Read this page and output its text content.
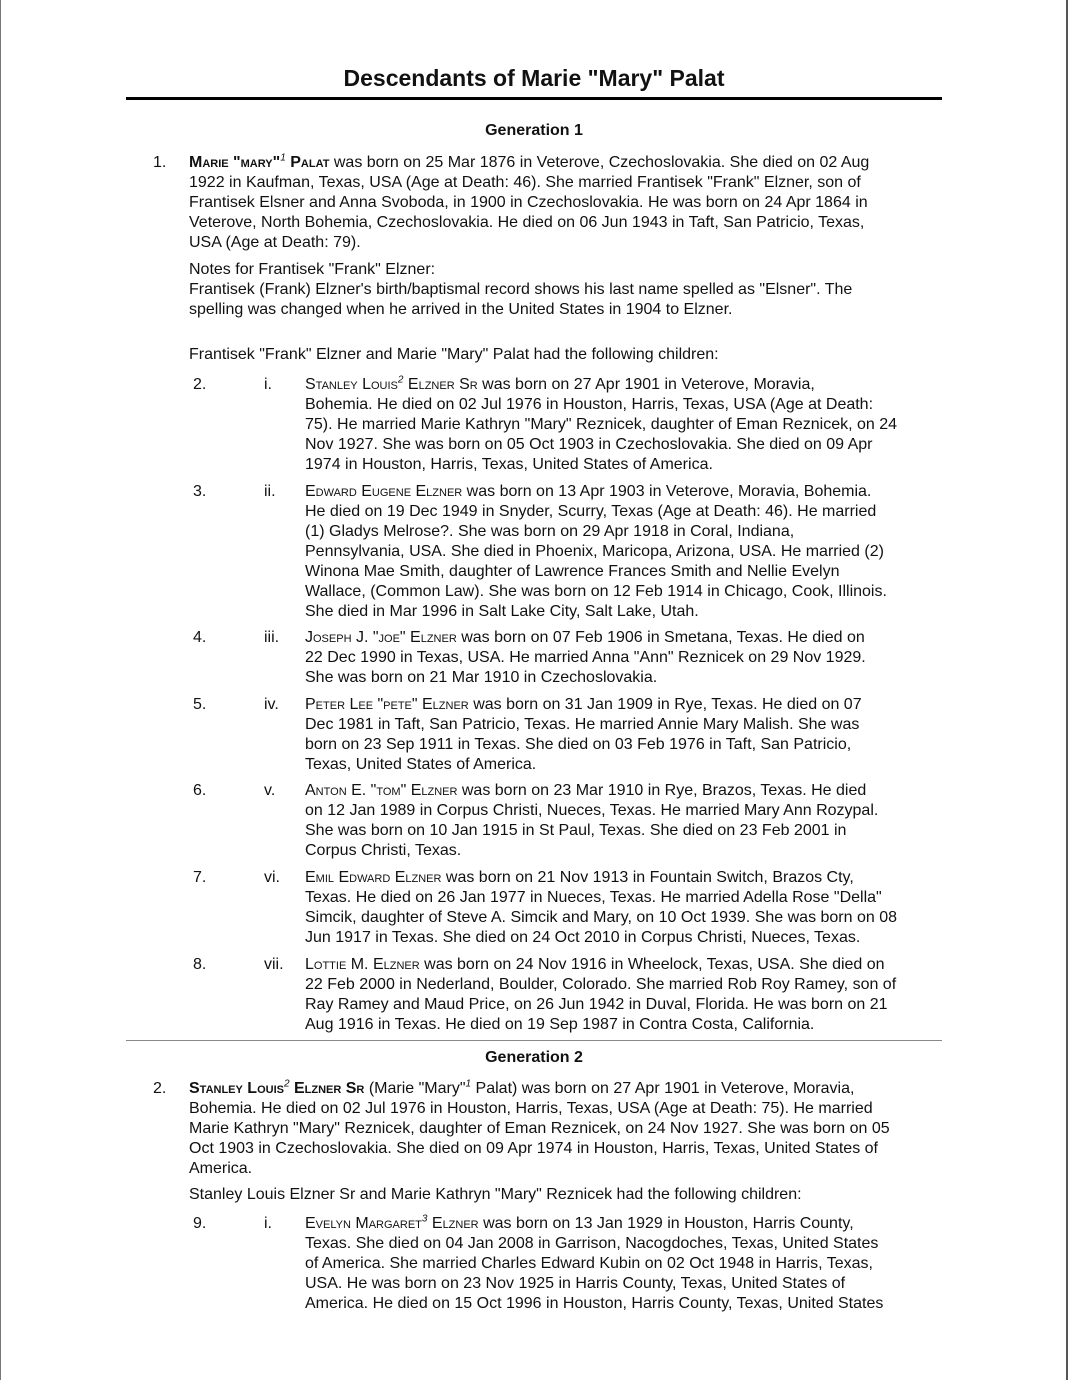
Descendants of Marie "Mary" Palat
Generation 1
1. Marie "mary"$^1$ Palat was born on 25 Mar 1876 in Veterove, Czechoslovakia. She died on 02 Aug
1922 in Kaufman, Texas, USA (Age at Death: 46). She married Frantisek "Frank" Elzner, son of
Frantisek Elsner and Anna Svoboda, in 1900 in Czechoslovakia. He was born on 24 Apr 1864 in
Veterove, North Bohemia, Czechoslovakia. He died on 06 Jun 1943 in Taft, San Patricio, Texas,
USA (Age at Death: 79).
Notes for Frantisek "Frank" Elzner:
Frantisek (Frank) Elzner's birth/baptismal record shows his last name spelled as "Elsner". The
spelling was changed when he arrived in the United States in 1904 to Elzner.
Frantisek "Frank" Elzner and Marie "Mary" Palat had the following children:
2.	i. Stanley Louis$^2$ Elzner Sr was born on 27 Apr 1901 in Veterove, Moravia,
Bohemia. He died on 02 Jul 1976 in Houston, Harris, Texas, USA (Age at Death:
75). He married Marie Kathryn "Mary" Reznicek, daughter of Eman Reznicek, on 24
Nov 1927. She was born on 05 Oct 1903 in Czechoslovakia. She died on 09 Apr
1974 in Houston, Harris, Texas, United States of America.
3.	ii. Edward Eugene Elzner was born on 13 Apr 1903 in Veterove, Moravia, Bohemia.
He died on 19 Dec 1949 in Snyder, Scurry, Texas (Age at Death: 46). He married
(1) Gladys Melrose?. She was born on 29 Apr 1918 in Coral, Indiana,
Pennsylvania, USA. She died in Phoenix, Maricopa, Arizona, USA. He married (2)
Winona Mae Smith, daughter of Lawrence Frances Smith and Nellie Evelyn
Wallace, (Common Law). She was born on 12 Feb 1914 in Chicago, Cook, Illinois.
She died in Mar 1996 in Salt Lake City, Salt Lake, Utah.
4.	iii. Joseph J. "joe" Elzner was born on 07 Feb 1906 in Smetana, Texas. He died on
22 Dec 1990 in Texas, USA. He married Anna "Ann" Reznicek on 29 Nov 1929.
She was born on 21 Mar 1910 in Czechoslovakia.
5.	iv. Peter Lee "pete" Elzner was born on 31 Jan 1909 in Rye, Texas. He died on 07
Dec 1981 in Taft, San Patricio, Texas. He married Annie Mary Malish. She was
born on 23 Sep 1911 in Texas. She died on 03 Feb 1976 in Taft, San Patricio,
Texas, United States of America.
6.	v. Anton E. "tom" Elzner was born on 23 Mar 1910 in Rye, Brazos, Texas. He died
on 12 Jan 1989 in Corpus Christi, Nueces, Texas. He married Mary Ann Rozypal.
She was born on 10 Jan 1915 in St Paul, Texas. She died on 23 Feb 2001 in
Corpus Christi, Texas.
7.	vi. Emil Edward Elzner was born on 21 Nov 1913 in Fountain Switch, Brazos Cty,
Texas. He died on 26 Jan 1977 in Nueces, Texas. He married Adella Rose "Della"
Simcik, daughter of Steve A. Simcik and Mary, on 10 Oct 1939. She was born on 08
Jun 1917 in Texas. She died on 24 Oct 2010 in Corpus Christi, Nueces, Texas.
8.	vii. Lottie M. Elzner was born on 24 Nov 1916 in Wheelock, Texas, USA. She died on
22 Feb 2000 in Nederland, Boulder, Colorado. She married Rob Roy Ramey, son of
Ray Ramey and Maud Price, on 26 Jun 1942 in Duval, Florida. He was born on 21
Aug 1916 in Texas. He died on 19 Sep 1987 in Contra Costa, California.
Generation 2
2. Stanley Louis$^2$ Elzner Sr (Marie "Mary"$^1$ Palat) was born on 27 Apr 1901 in Veterove, Moravia,
Bohemia. He died on 02 Jul 1976 in Houston, Harris, Texas, USA (Age at Death: 75). He married
Marie Kathryn "Mary" Reznicek, daughter of Eman Reznicek, on 24 Nov 1927. She was born on 05
Oct 1903 in Czechoslovakia. She died on 09 Apr 1974 in Houston, Harris, Texas, United States of
America.
Stanley Louis Elzner Sr and Marie Kathryn "Mary" Reznicek had the following children:
9.	i. Evelyn Margaret$^3$ Elzner was born on 13 Jan 1929 in Houston, Harris County,
Texas. She died on 04 Jan 2008 in Garrison, Nacogdoches, Texas, United States
of America. She married Charles Edward Kubin on 02 Oct 1948 in Harris, Texas,
USA. He was born on 23 Nov 1925 in Harris County, Texas, United States of
America. He died on 15 Oct 1996 in Houston, Harris County, Texas, United States
